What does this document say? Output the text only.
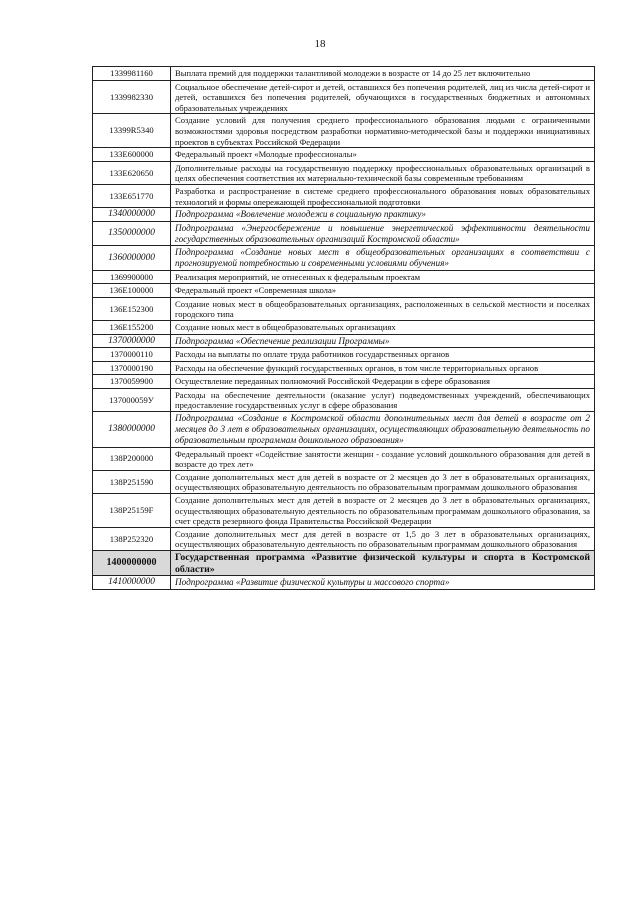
18
1339981160	Выплата премий для поддержки талантливой молодежи в возрасте от 14 до 25 лет включительно
1339982330	Социальное обеспечение детей-сирот и детей, оставшихся без попечения родителей, лиц из числа детей-сирот и детей, оставшихся без попечения родителей, обучающихся в государственных бюджетных и автономных образовательных учреждениях
13399R5340	Создание условий для получения среднего профессионального образования людьми с ограниченными возможностями здоровья посредством разработки нормативно-методической базы и поддержки инициативных проектов в субъектах Российской Федерации
133E600000	Федеральный проект «Молодые профессионалы»
133E620650	Дополнительные расходы на государственную поддержку профессиональных образовательных организаций в целях обеспечения соответствия их материально-технической базы современным требованиям
133E651770	Разработка и распространение в системе среднего профессионального образования новых образовательных технологий и формы опережающей профессиональной подготовки
1340000000	Подпрограмма «Вовлечение молодежи в социальную практику»
1350000000	Подпрограмма «Энергосбережение и повышение энергетической эффективности деятельности государственных образовательных организаций Костромской области»
1360000000	Подпрограмма «Создание новых мест в общеобразовательных организациях в соответствии с прогнозируемой потребностью и современными условиями обучения»
1369900000	Реализация мероприятий, не отнесенных к федеральным проектам
136E100000	Федеральный проект «Современная школа»
136E152300	Создание новых мест в общеобразовательных организациях, расположенных в сельской местности и поселках городского типа
136E155200	Создание новых мест в общеобразовательных организациях
1370000000	Подпрограмма «Обеспечение реализации Программы»
1370000110	Расходы на выплаты по оплате труда работников государственных органов
1370000190	Расходы на обеспечение функций государственных органов, в том числе территориальных органов
1370059900	Осуществление переданных полномочий Российской Федерации в сфере образования
137000059У	Расходы на обеспечение деятельности (оказание услуг) подведомственных учреждений, обеспечивающих предоставление государственных услуг в сфере образования
1380000000	Подпрограмма «Создание в Костромской области дополнительных мест для детей в возрасте от 2 месяцев до 3 лет в образовательных организациях, осуществляющих образовательную деятельность по образовательным программам дошкольного образования»
138P200000	Федеральный проект «Содействие занятости женщин - создание условий дошкольного образования для детей в возрасте до трех лет»
138P251590	Создание дополнительных мест для детей в возрасте от 2 месяцев до 3 лет в образовательных организациях, осуществляющих образовательную деятельность по образовательным программам дошкольного образования
138P25159F	Создание дополнительных мест для детей в возрасте от 2 месяцев до 3 лет в образовательных организациях, осуществляющих образовательную деятельность по образовательным программам дошкольного образования, за счет средств резервного фонда Правительства Российской Федерации
138P252320	Создание дополнительных мест для детей в возрасте от 1,5 до 3 лет в образовательных организациях, осуществляющих образовательную деятельность по образовательным программам дошкольного образования
1400000000	Государственная программа «Развитие физической культуры и спорта в Костромской области»
1410000000	Подпрограмма «Развитие физической культуры и массового спорта»
